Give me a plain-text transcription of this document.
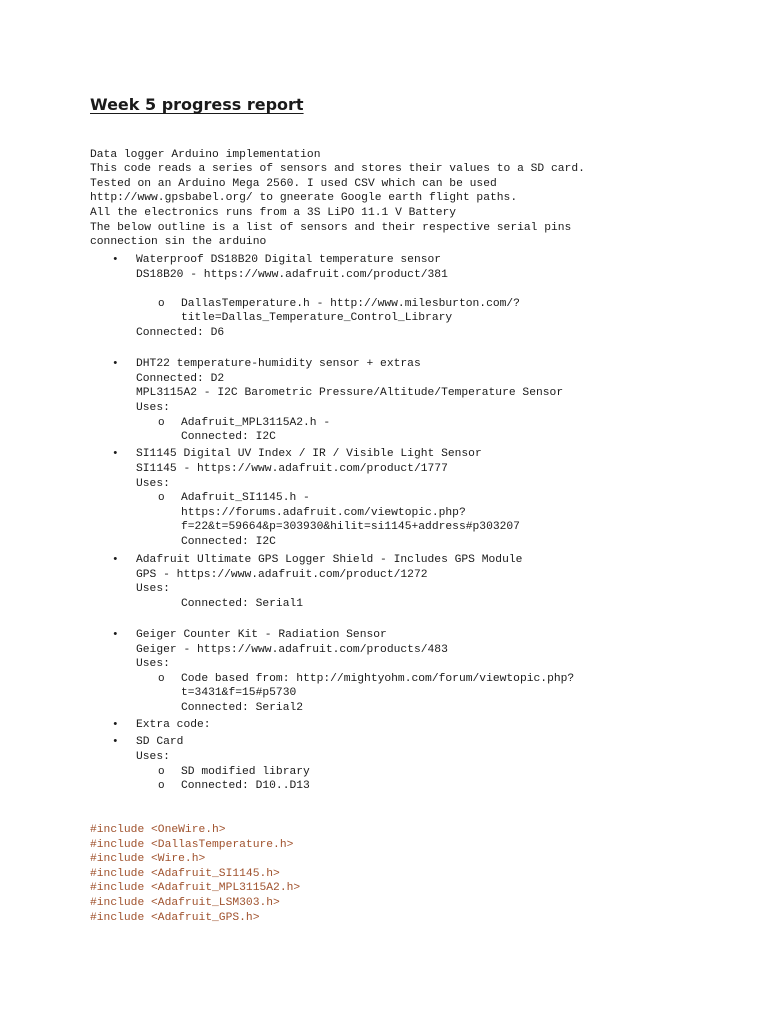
Week 5 progress report
Data logger Arduino implementation
This code reads a series of sensors and stores their values to a SD card.
Tested on an Arduino Mega 2560. I used CSV which can be used
http://www.gpsbabel.org/ to gneerate Google earth flight paths.
All the electronics runs from a 3S LiPO 11.1 V Battery
The below outline is a list of sensors and their respective serial pins
connection sin the arduino
• Waterproof DS18B20 Digital temperature sensor
DS18B20 - https://www.adafruit.com/product/381
o DallasTemperature.h - http://www.milesburton.com/?
title=Dallas_Temperature_Control_Library
Connected: D6
• DHT22 temperature-humidity sensor + extras
Connected: D2
MPL3115A2 - I2C Barometric Pressure/Altitude/Temperature Sensor
Uses:
o Adafruit_MPL3115A2.h -
Connected: I2C
• SI1145 Digital UV Index / IR / Visible Light Sensor
SI1145 - https://www.adafruit.com/product/1777
Uses:
o Adafruit_SI1145.h -
https://forums.adafruit.com/viewtopic.php?
f=22&t=59664&p=303930&hilit=si1145+address#p303207
Connected: I2C
• Adafruit Ultimate GPS Logger Shield - Includes GPS Module
GPS - https://www.adafruit.com/product/1272
Uses:
Connected: Serial1
• Geiger Counter Kit - Radiation Sensor
Geiger - https://www.adafruit.com/products/483
Uses:
o Code based from: http://mightyohm.com/forum/viewtopic.php?
t=3431&f=15#p5730
Connected: Serial2
• Extra code:
• SD Card
Uses:
o SD modified library
o Connected: D10..D13
#include <OneWire.h>
#include <DallasTemperature.h>
#include <Wire.h>
#include <Adafruit_SI1145.h>
#include <Adafruit_MPL3115A2.h>
#include <Adafruit_LSM303.h>
#include <Adafruit_GPS.h>
